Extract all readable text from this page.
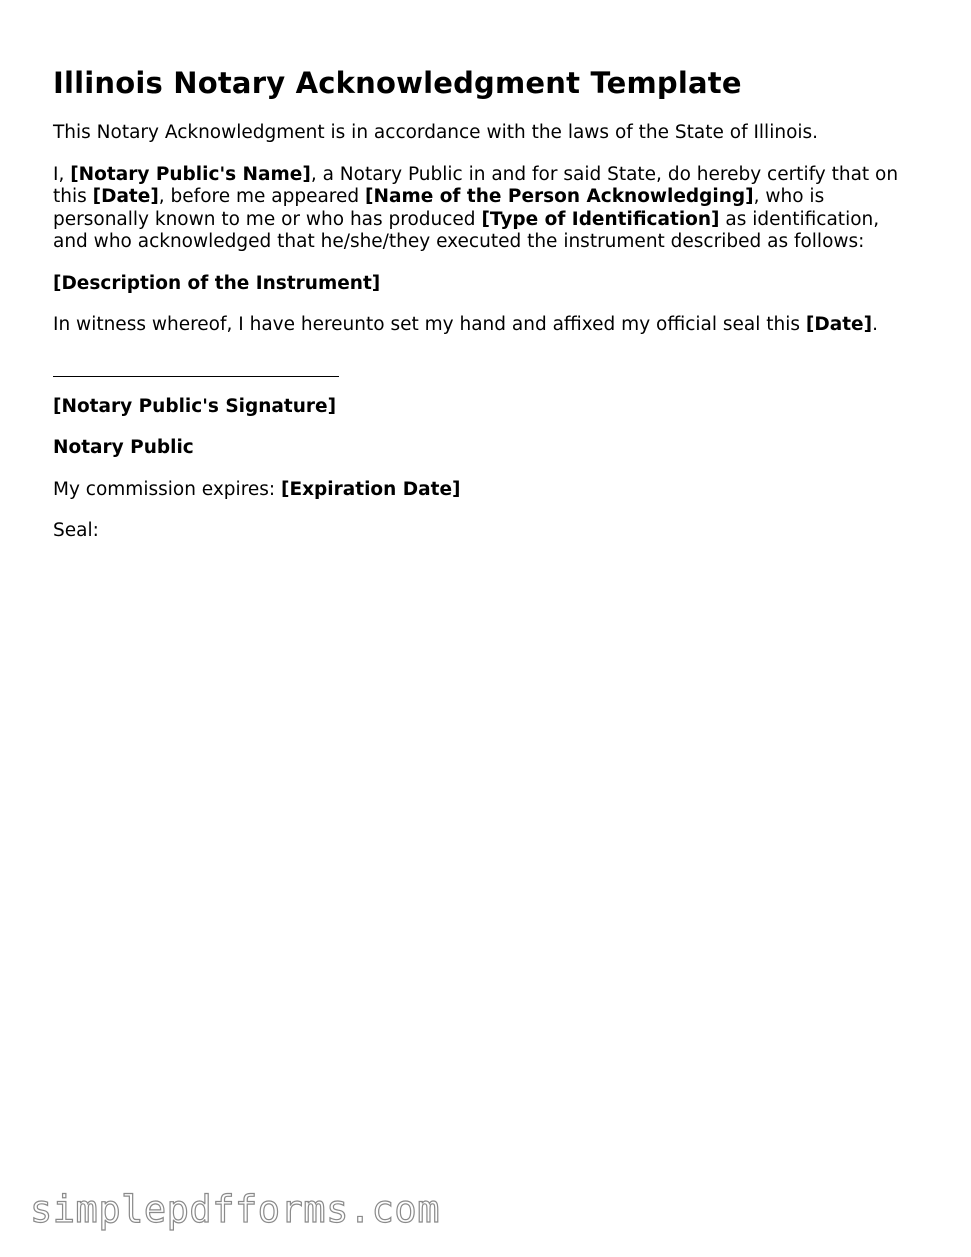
Illinois Notary Acknowledgment Template

This Notary Acknowledgment is in accordance with the laws of the State of Illinois.

I, [Notary Public's Name], a Notary Public in and for said State, do hereby certify that on this [Date], before me appeared [Name of the Person Acknowledging], who is personally known to me or who has produced [Type of Identification] as identification, and who acknowledged that he/she/they executed the instrument described as follows:

[Description of the Instrument]

In witness whereof, I have hereunto set my hand and affixed my official seal this [Date].

[Notary Public's Signature]

Notary Public

My commission expires: [Expiration Date]

Seal:

simplepdfforms.com
